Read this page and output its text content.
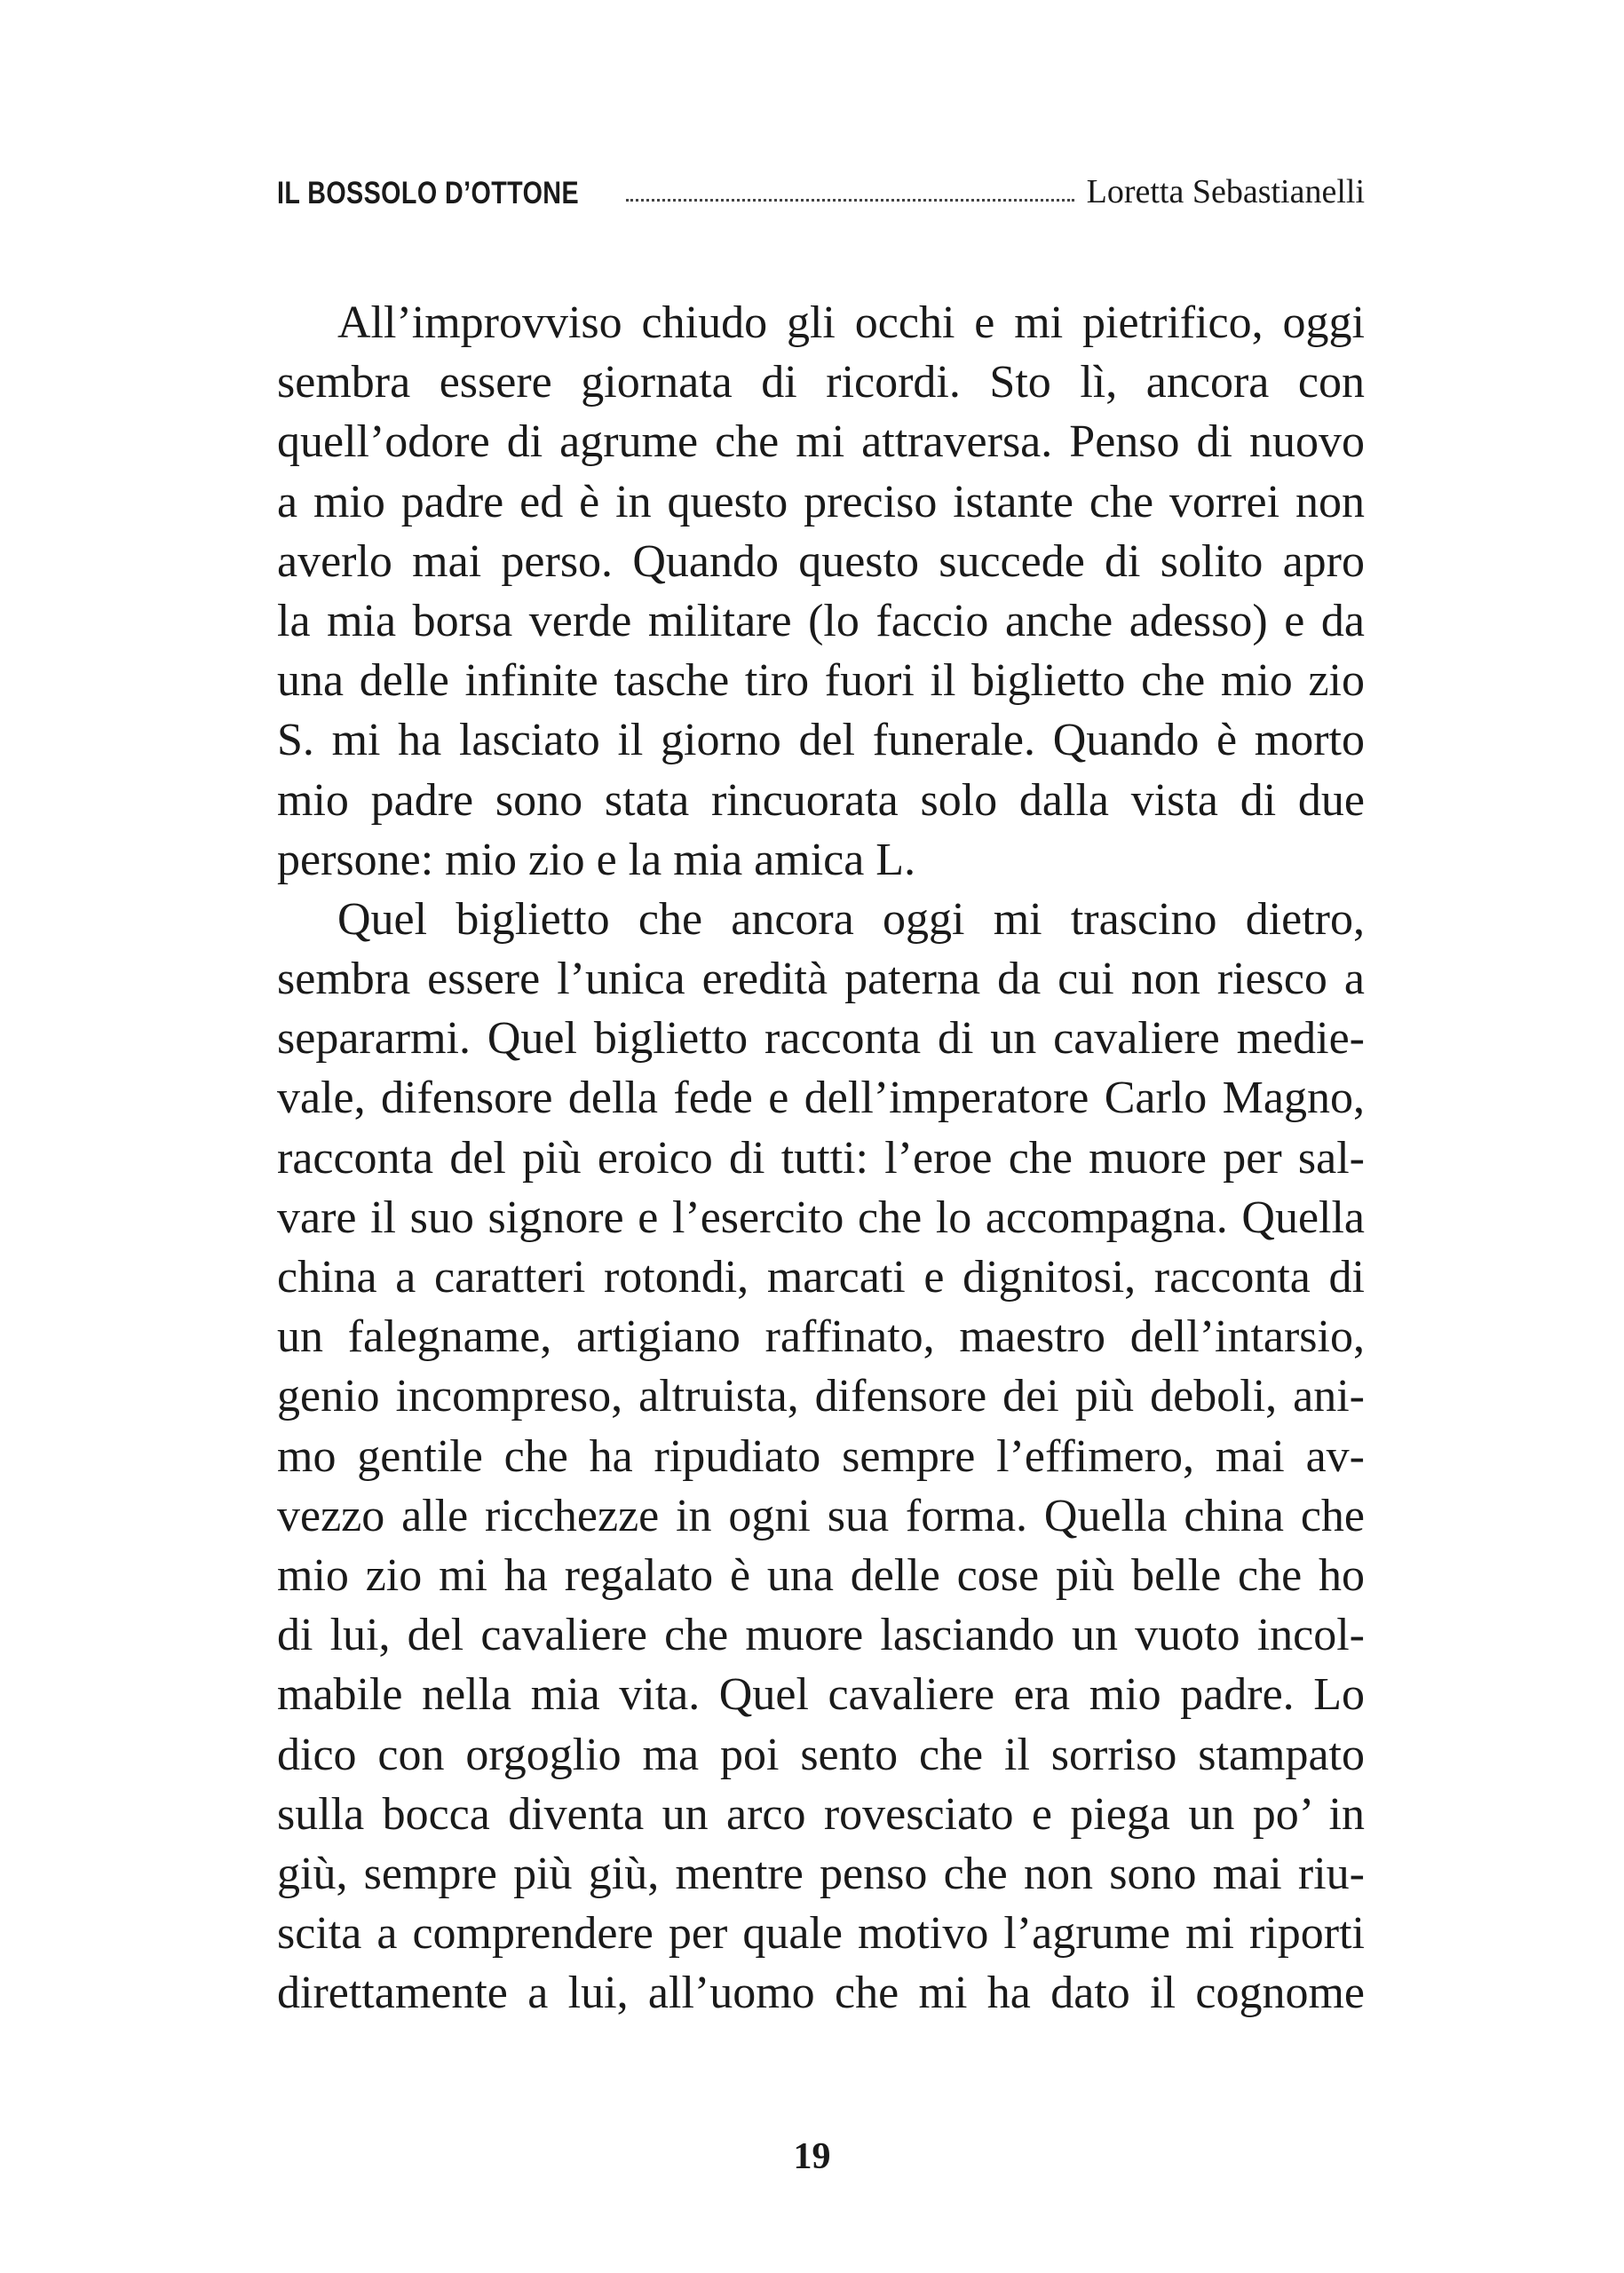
IL BOSSOLO D’OTTONE	Loretta Sebastianelli
All’improvviso chiudo gli occhi e mi pietrifico, oggi
sembra essere giornata di ricordi. Sto lì, ancora con
quell’odore di agrume che mi attraversa. Penso di nuovo
a mio padre ed è in questo preciso istante che vorrei non
averlo mai perso. Quando questo succede di solito apro
la mia borsa verde militare (lo faccio anche adesso) e da
una delle infinite tasche tiro fuori il biglietto che mio zio
S. mi ha lasciato il giorno del funerale. Quando è morto
mio padre sono stata rincuorata solo dalla vista di due
persone: mio zio e la mia amica L.
Quel biglietto che ancora oggi mi trascino dietro,
sembra essere l’unica eredità paterna da cui non riesco a
separarmi. Quel biglietto racconta di un cavaliere medie-
vale, difensore della fede e dell’imperatore Carlo Magno,
racconta del più eroico di tutti: l’eroe che muore per sal-
vare il suo signore e l’esercito che lo accompagna. Quella
china a caratteri rotondi, marcati e dignitosi, racconta di
un falegname, artigiano raffinato, maestro dell’intarsio,
genio incompreso, altruista, difensore dei più deboli, ani-
mo gentile che ha ripudiato sempre l’effimero, mai av-
vezzo alle ricchezze in ogni sua forma. Quella china che
mio zio mi ha regalato è una delle cose più belle che ho
di lui, del cavaliere che muore lasciando un vuoto incol-
mabile nella mia vita. Quel cavaliere era mio padre. Lo
dico con orgoglio ma poi sento che il sorriso stampato
sulla bocca diventa un arco rovesciato e piega un po’ in
giù, sempre più giù, mentre penso che non sono mai riu-
scita a comprendere per quale motivo l’agrume mi riporti
direttamente a lui, all’uomo che mi ha dato il cognome
19
